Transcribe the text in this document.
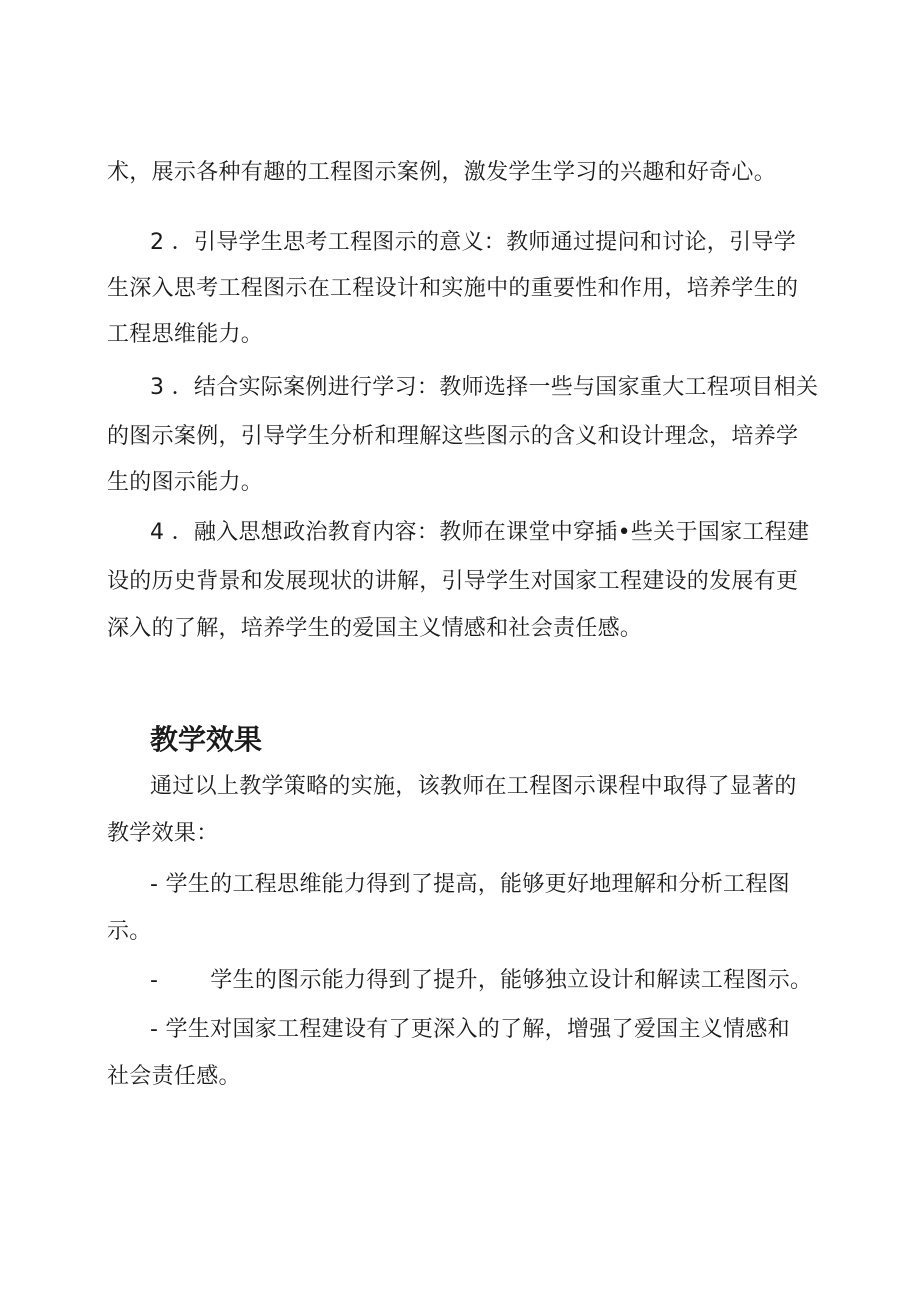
术，展示各种有趣的工程图示案例，激发学生学习的兴趣和好奇心。
2 ．引导学生思考工程图示的意义：教师通过提问和讨论，引导学
生深入思考工程图示在工程设计和实施中的重要性和作用，培养学生的
工程思维能力。
3 ．结合实际案例进行学习：教师选择一些与国家重大工程项目相关
的图示案例，引导学生分析和理解这些图示的含义和设计理念，培养学
生的图示能力。
4 ．融入思想政治教育内容：教师在课堂中穿插•些关于国家工程建
设的历史背景和发展现状的讲解，引导学生对国家工程建设的发展有更
深入的了解，培养学生的爱国主义情感和社会责任感。
教学效果
通过以上教学策略的实施，该教师在工程图示课程中取得了显著的
教学效果：
- 学生的工程思维能力得到了提高，能够更好地理解和分析工程图
示。
- 学生的图示能力得到了提升，能够独立设计和解读工程图示。
- 学生对国家工程建设有了更深入的了解，增强了爱国主义情感和
社会责任感。
